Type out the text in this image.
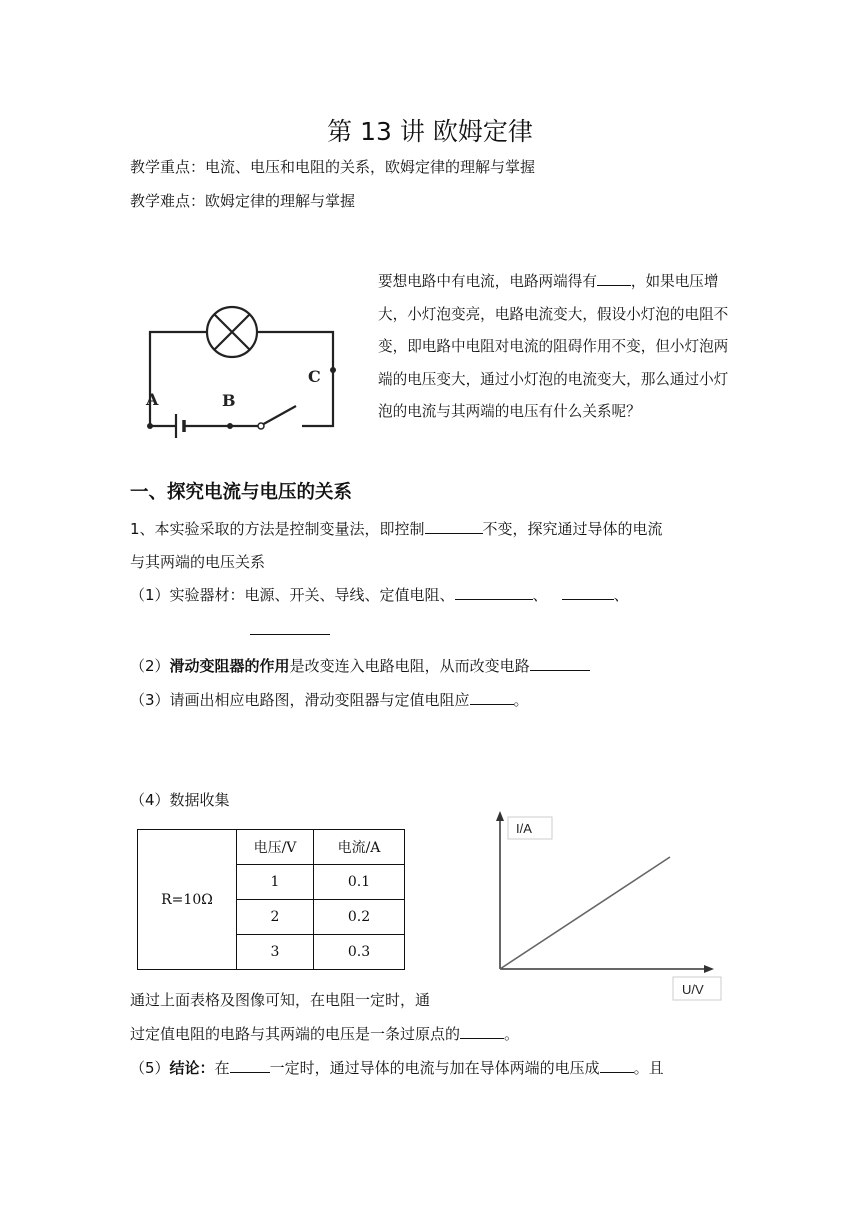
第 13 讲 欧姆定律
教学重点：电流、电压和电阻的关系，欧姆定律的理解与掌握
教学难点：欧姆定律的理解与掌握
A	B
C
要想电路中有电流，电路两端得有 ，如果电压增大，小灯泡变亮，电路电流变大，假设小灯泡的电阻不变，即电路中电阻对电流的阻碍作用不变，但小灯泡两端的电压变大，通过小灯泡的电流变大，那么通过小灯泡的电流与其两端的电压有什么关系呢？
一、探究电流与电压的关系
1、本实验采取的方法是控制变量法，即控制	不变，探究通过导体的电流
与其两端的电压关系
（1）实验器材：电源、开关、导线、定值电阻、	、	、
（2）滑动变阻器的作用是改变连入电路电阻，从而改变电路
（3）请画出相应电路图，滑动变阻器与定值电阻应	。
（4）数据收集
R=10Ω	电压/V	电流/A
	1	0.1
	2	0.2
	3	0.3
I/A
U/V
通过上面表格及图像可知，在电阻一定时，通
过定值电阻的电路与其两端的电压是一条过原点的	。
（5）结论：在	一定时，通过导体的电流与加在导体两端的电压成 。且
